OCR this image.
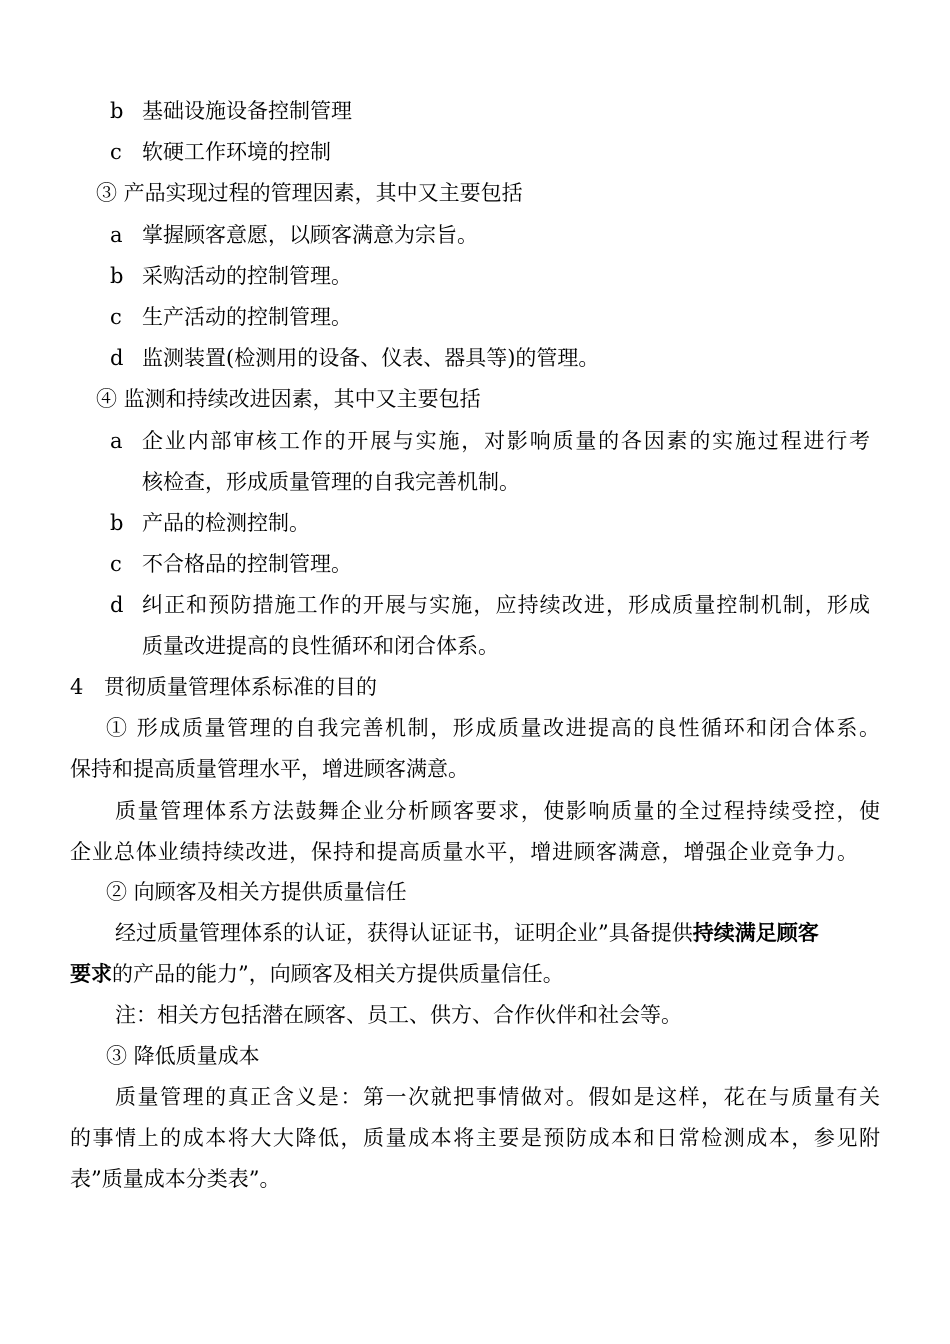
b 基础设施设备控制管理
c 软硬工作环境的控制
③ 产品实现过程的管理因素，其中又主要包括
a 掌握顾客意愿，以顾客满意为宗旨。
b 采购活动的控制管理。
c 生产活动的控制管理。
d 监测装置(检测用的设备、仪表、器具等)的管理。
④ 监测和持续改进因素，其中又主要包括
a 企业内部审核工作的开展与实施，对影响质量的各因素的实施过程进行考
核检查，形成质量管理的自我完善机制。
b 产品的检测控制。
c 不合格品的控制管理。
d 纠正和预防措施工作的开展与实施，应持续改进，形成质量控制机制，形成
质量改进提高的良性循环和闭合体系。
4 贯彻质量管理体系标准的目的
① 形成质量管理的自我完善机制，形成质量改进提高的良性循环和闭合体系。
保持和提高质量管理水平，增进顾客满意。
质量管理体系方法鼓舞企业分析顾客要求，使影响质量的全过程持续受控，使
企业总体业绩持续改进，保持和提高质量水平，增进顾客满意，增强企业竞争力。
② 向顾客及相关方提供质量信任
经过质量管理体系的认证，获得认证证书，证明企业”具备提供持续满足顾客
要求的产品的能力”，向顾客及相关方提供质量信任。
注：相关方包括潜在顾客、员工、供方、合作伙伴和社会等。
③ 降低质量成本
质量管理的真正含义是：第一次就把事情做对。假如是这样，花在与质量有关
的事情上的成本将大大降低，质量成本将主要是预防成本和日常检测成本，参见附
表”质量成本分类表”。
